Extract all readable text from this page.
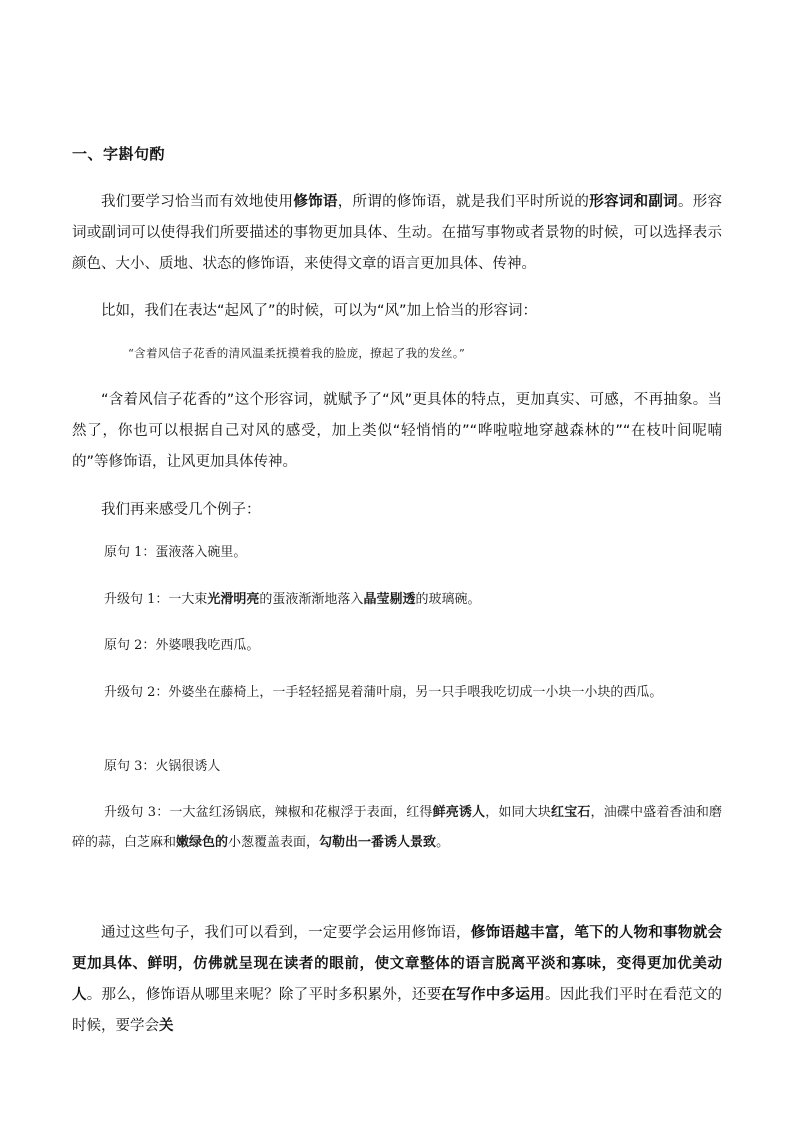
一、字斟句酌
我们要学习恰当而有效地使用修饰语，所谓的修饰语，就是我们平时所说的形容词和副词。形容词或副词可以使得我们所要描述的事物更加具体、生动。在描写事物或者景物的时候，可以选择表示颜色、大小、质地、状态的修饰语，来使得文章的语言更加具体、传神。
比如，我们在表达“起风了”的时候，可以为“风”加上恰当的形容词：
“含着风信子花香的清风温柔抚摸着我的脸庞，撩起了我的发丝。”
“含着风信子花香的”这个形容词，就赋予了“风”更具体的特点，更加真实、可感，不再抽象。当然了，你也可以根据自己对风的感受，加上类似“轻悄悄的”“哗啦啦地穿越森林的”“在枝叶间呢喃的”等修饰语，让风更加具体传神。
我们再来感受几个例子：
原句 1：蛋液落入碗里。
升级句 1：一大束光滑明亮的蛋液渐渐地落入晶莹剔透的玻璃碗。
原句 2：外婆喂我吃西瓜。
升级句 2：外婆坐在藤椅上，一手轻轻摇晃着蒲叶扇，另一只手喂我吃切成一小块一小块的西瓜。
原句 3：火锅很诱人
升级句 3：一大盆红汤锅底，辣椒和花椒浮于表面，红得鲜亮诱人，如同大块红宝石，油碟中盛着香油和磨碎的蒜，白芝麻和嫩绿色的小葱覆盖表面，勾勒出一番诱人景致。
通过这些句子，我们可以看到，一定要学会运用修饰语，修饰语越丰富，笔下的人物和事物就会更加具体、鲜明，仿佛就呈现在读者的眼前，使文章整体的语言脱离平淡和寡味，变得更加优美动人。那么，修饰语从哪里来呢？除了平时多积累外，还要在写作中多运用。因此我们平时在看范文的时候，要学会关
